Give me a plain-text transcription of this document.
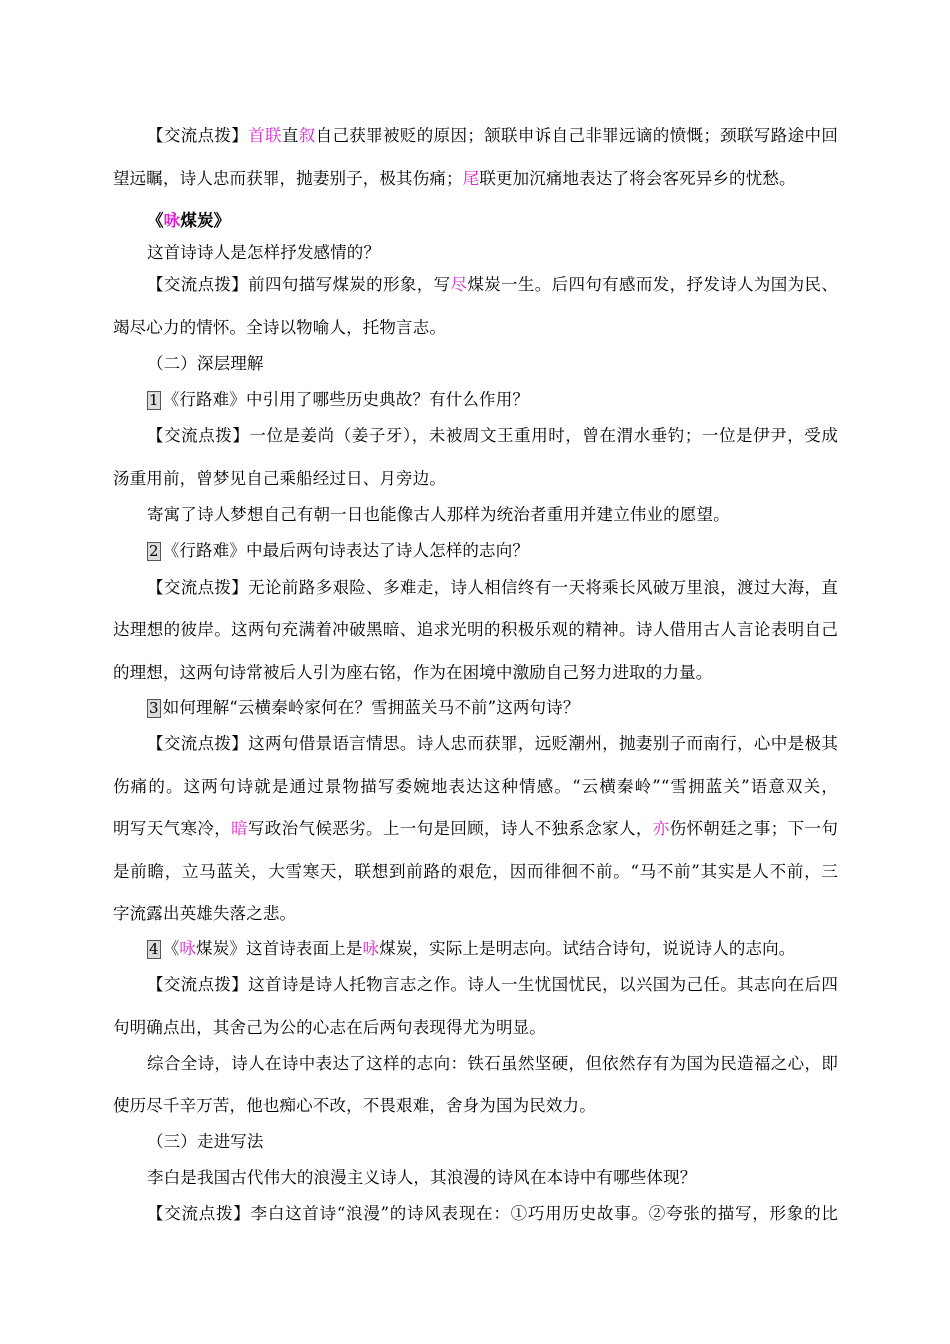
【交流点拨】首联直叙自己获罪被贬的原因；颔联申诉自己非罪远谪的愤慨；颈联写路途中回
望远瞩，诗人忠而获罪，抛妻别子，极其伤痛；尾联更加沉痛地表达了将会客死异乡的忧愁。
《咏煤炭》
这首诗诗人是怎样抒发感情的？
【交流点拨】前四句描写煤炭的形象，写尽煤炭一生。后四句有感而发，抒发诗人为国为民、
竭尽心力的情怀。全诗以物喻人，托物言志。
（二）深层理解
1 《行路难》中引用了哪些历史典故？有什么作用？
【交流点拨】一位是姜尚（姜子牙），未被周文王重用时，曾在渭水垂钓；一位是伊尹，受成
汤重用前，曾梦见自己乘船经过日、月旁边。
寄寓了诗人梦想自己有朝一日也能像古人那样为统治者重用并建立伟业的愿望。
2 《行路难》中最后两句诗表达了诗人怎样的志向？
【交流点拨】无论前路多艰险、多难走，诗人相信终有一天将乘长风破万里浪，渡过大海，直
达理想的彼岸。这两句充满着冲破黑暗、追求光明的积极乐观的精神。诗人借用古人言论表明自己
的理想，这两句诗常被后人引为座右铭，作为在困境中激励自己努力进取的力量。
3 如何理解“云横秦岭家何在？雪拥蓝关马不前”这两句诗？
【交流点拨】这两句借景语言情思。诗人忠而获罪，远贬潮州，抛妻别子而南行，心中是极其
伤痛的。这两句诗就是通过景物描写委婉地表达这种情感。“云横秦岭”“雪拥蓝关”语意双关，
明写天气寒冷，暗写政治气候恶劣。上一句是回顾，诗人不独系念家人，亦伤怀朝廷之事；下一句
是前瞻，立马蓝关，大雪寒天，联想到前路的艰危，因而徘徊不前。“马不前”其实是人不前，三
字流露出英雄失落之悲。
4 《咏煤炭》这首诗表面上是咏煤炭，实际上是明志向。试结合诗句，说说诗人的志向。
【交流点拨】这首诗是诗人托物言志之作。诗人一生忧国忧民，以兴国为己任。其志向在后四
句明确点出，其舍己为公的心志在后两句表现得尤为明显。
综合全诗，诗人在诗中表达了这样的志向：铁石虽然坚硬，但依然存有为国为民造福之心，即
使历尽千辛万苦，他也痴心不改，不畏艰难，舍身为国为民效力。
（三）走进写法
李白是我国古代伟大的浪漫主义诗人，其浪漫的诗风在本诗中有哪些体现？
【交流点拨】李白这首诗“浪漫”的诗风表现在：①巧用历史故事。②夸张的描写，形象的比
